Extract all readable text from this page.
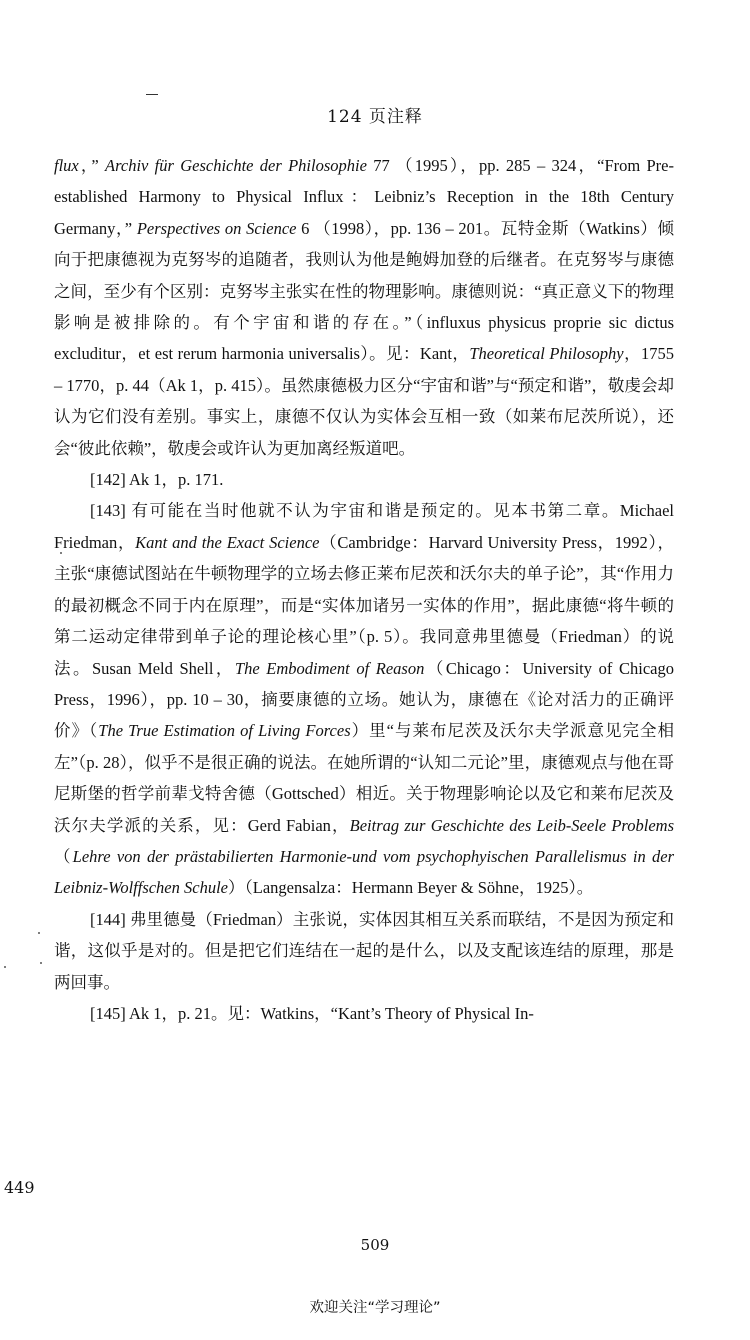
124 页注释

flux，” Archiv für Geschichte der Philosophie 77 （1995），pp. 285 – 324，“From Pre-established Harmony to Physical Influx：Leibniz’s Reception in the 18th Century Germany，” Perspectives on Science 6 （1998），pp. 136 – 201。瓦特金斯（Watkins）倾向于把康德视为克努岑的追随者，我则认为他是鲍姆加登的后继者。在克努岑与康德之间，至少有个区别：克努岑主张实在性的物理影响。康德则说：“真正意义下的物理影响是被排除的。有个宇宙和谐的存在。”（influxus physicus proprie sic dictus excluditur，et est rerum harmonia universalis）。见：Kant，Theoretical Philosophy，1755 – 1770，p. 44（Ak 1，p. 415）。虽然康德极力区分“宇宙和谐”与“预定和谐”，敬虔会却认为它们没有差别。事实上，康德不仅认为实体会互相一致（如莱布尼茨所说），还会“彼此依赖”，敬虔会或许认为更加离经叛道吧。

[142] Ak 1，p. 171.

[143] 有可能在当时他就不认为宇宙和谐是预定的。见本书第二章。Michael Friedman，Kant and the Exact Science（Cambridge：Harvard University Press，1992），主张“康德试图站在牛顿物理学的立场去修正莱布尼茨和沃尔夫的单子论”，其“作用力的最初概念不同于内在原理”，而是“实体加诸另一实体的作用”，据此康德“将牛顿的第二运动定律带到单子论的理论核心里”（p. 5）。我同意弗里德曼（Friedman）的说法。Susan Meld Shell，The Embodiment of Reason（Chicago：University of Chicago Press，1996），pp. 10 – 30，摘要康德的立场。她认为，康德在《论对活力的正确评价》（The True Estimation of Living Forces）里“与莱布尼茨及沃尔夫学派意见完全相左”（p. 28），似乎不是很正确的说法。在她所谓的“认知二元论”里，康德观点与他在哥尼斯堡的哲学前辈戈特舍德（Gottsched）相近。关于物理影响论以及它和莱布尼茨及沃尔夫学派的关系，见：Gerd Fabian，Beitrag zur Geschichte des Leib-Seele Problems（Lehre von der prästabilierten Harmonie-und vom psychophyischen Parallelismus in der Leibniz-Wolffschen Schule）（Langensalza：Hermann Beyer & Söhne，1925）。

[144] 弗里德曼（Friedman）主张说，实体因其相互关系而联结，不是因为预定和谐，这似乎是对的。但是把它们连结在一起的是什么，以及支配该连结的原理，那是两回事。

[145] Ak 1，p. 21。见：Watkins，“Kant’s Theory of Physical In-

449
509
欢迎关注“学习理论”
